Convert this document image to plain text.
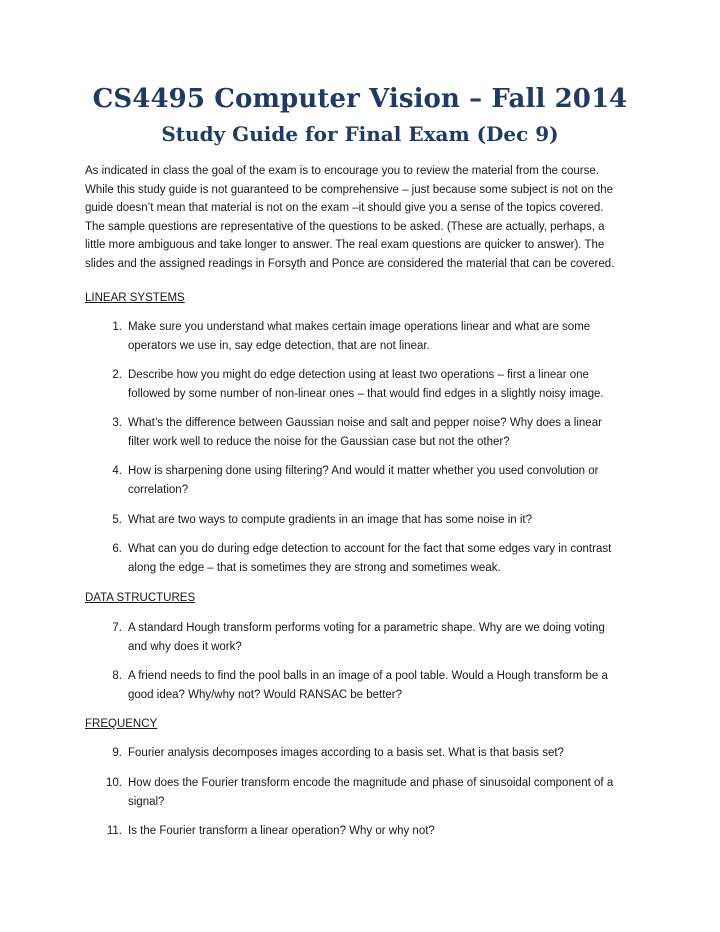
CS4495 Computer Vision – Fall 2014
Study Guide for Final Exam (Dec 9)
As indicated in class the goal of the exam is to encourage you to review the material from the course.
While this study guide is not guaranteed to be comprehensive – just because some subject is not on the
guide doesn’t mean that material is not on the exam –it should give you a sense of the topics covered.
The sample questions are representative of the questions to be asked. (These are actually, perhaps, a
little more ambiguous and take longer to answer. The real exam questions are quicker to answer). The
slides and the assigned readings in Forsyth and Ponce are considered the material that can be covered.
LINEAR SYSTEMS
1. Make sure you understand what makes certain image operations linear and what are some
operators we use in, say edge detection, that are not linear.
2. Describe how you might do edge detection using at least two operations – first a linear one
followed by some number of non-linear ones – that would find edges in a slightly noisy image.
3. What’s the difference between Gaussian noise and salt and pepper noise? Why does a linear
filter work well to reduce the noise for the Gaussian case but not the other?
4. How is sharpening done using filtering? And would it matter whether you used convolution or
correlation?
5. What are two ways to compute gradients in an image that has some noise in it?
6. What can you do during edge detection to account for the fact that some edges vary in contrast
along the edge – that is sometimes they are strong and sometimes weak.
DATA STRUCTURES
7. A standard Hough transform performs voting for a parametric shape. Why are we doing voting
and why does it work?
8. A friend needs to find the pool balls in an image of a pool table. Would a Hough transform be a
good idea? Why/why not? Would RANSAC be better?
FREQUENCY
9. Fourier analysis decomposes images according to a basis set. What is that basis set?
10. How does the Fourier transform encode the magnitude and phase of sinusoidal component of a
signal?
11. Is the Fourier transform a linear operation? Why or why not?
